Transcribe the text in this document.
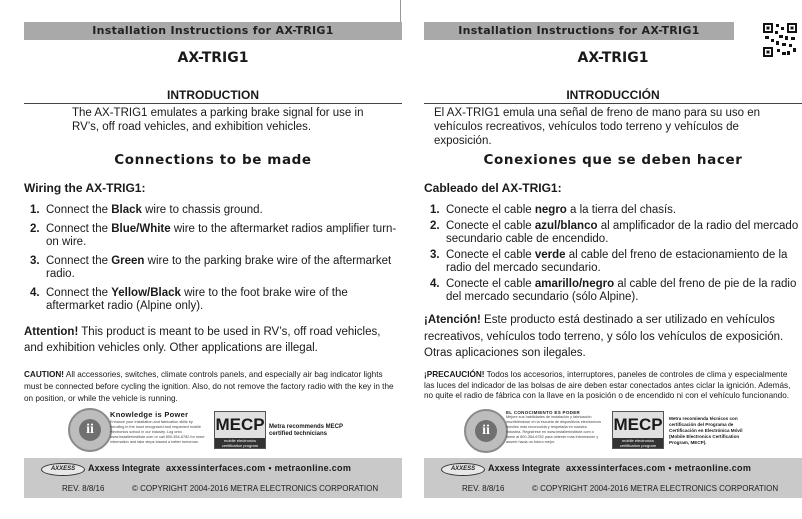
Installation Instructions for AX-TRIG1
AX-TRIG1
INTRODUCTION
The AX-TRIG1 emulates a parking brake signal for use in RV’s, off road vehicles, and exhibition vehicles.
Connections to be made
Wiring the AX-TRIG1:
1. Connect the Black wire to chassis ground.
2. Connect the Blue/White wire to the aftermarket radios amplifier turn-on wire.
3. Connect the Green wire to the parking brake wire of the aftermarket radio.
4. Connect the Yellow/Black wire to the foot brake wire of the aftermarket radio (Alpine only).
Attention! This product is meant to be used in RV’s, off road vehicles, and exhibition vehicles only. Other applications are illegal.
CAUTION! All accessories, switches, climate controls panels, and especially air bag indicator lights must be connected before cycling the ignition. Also, do not remove the factory radio with the key in the on position, or while the vehicle is running.
ii
Knowledge is Power
Enhance your installation and fabrication skills by enrolling in the most recognized and respected mobile electronics school in our industry. Log onto www.installerinstitute.com or call 800-354-6782 for more information and take steps toward a better tomorrow.
MECP
mobile electronics certification program
Metra recommends MECP
certified technicians
AXXESS	Axxess Integrate axxessinterfaces.com • metraonline.com
REV. 8/8/16	© COPYRIGHT 2004-2016 METRA ELECTRONICS CORPORATION
Installation Instructions for AX-TRIG1
AX-TRIG1
INTRODUCCIÓN
El AX-TRIG1 emula una señal de freno de mano para su uso en vehículos recreativos, vehículos todo terreno y vehículos de exposición.
Conexiones que se deben hacer
Cableado del AX-TRIG1:
1. Conecte el cable negro a la tierra del chasís.
2. Conecte el cable azul/blanco al amplificador de la radio del mercado secundario cable de encendido.
3. Conecte el cable verde al cable del freno de estacionamiento de la radio del mercado secundario.
4. Conecte el cable amarillo/negro al cable del freno de pie de la radio del mercado secundario (sólo Alpine).
¡Atención! Este producto está destinado a ser utilizado en vehículos recreativos, vehículos todo terreno, y sólo los vehículos de exposición. Otras aplicaciones son ilegales.
¡PRECAUCIÓN! Todos los accesorios, interruptores, paneles de controles de clima y especialmente las luces del indicador de las bolsas de aire deben estar conectados antes ciclar la ignición. Además, no quite el radio de fábrica con la llave en la posición o de encendido ni con el vehículo funcionando.
ii
EL CONOCIMIENTO ES PODER
Mejore sus habilidades de instalación y fabricación inscribiéndose en la escuela de dispositivos electrónicos móviles más reconocida y respetada en nuestra industria. Regístrese en www.installerinstitute.com o llame al 800-354-6782 para obtener más información y asumir hacia un futuro mejor.
MECP
mobile electronics certification program
Metra recomienda técnicos con certificación del Programa de Certificación en Electrónica Móvil (Mobile Electronics Certification Program, MECP).
AXXESS	Axxess Integrate axxessinterfaces.com • metraonline.com
REV. 8/8/16	© COPYRIGHT 2004-2016 METRA ELECTRONICS CORPORATION
